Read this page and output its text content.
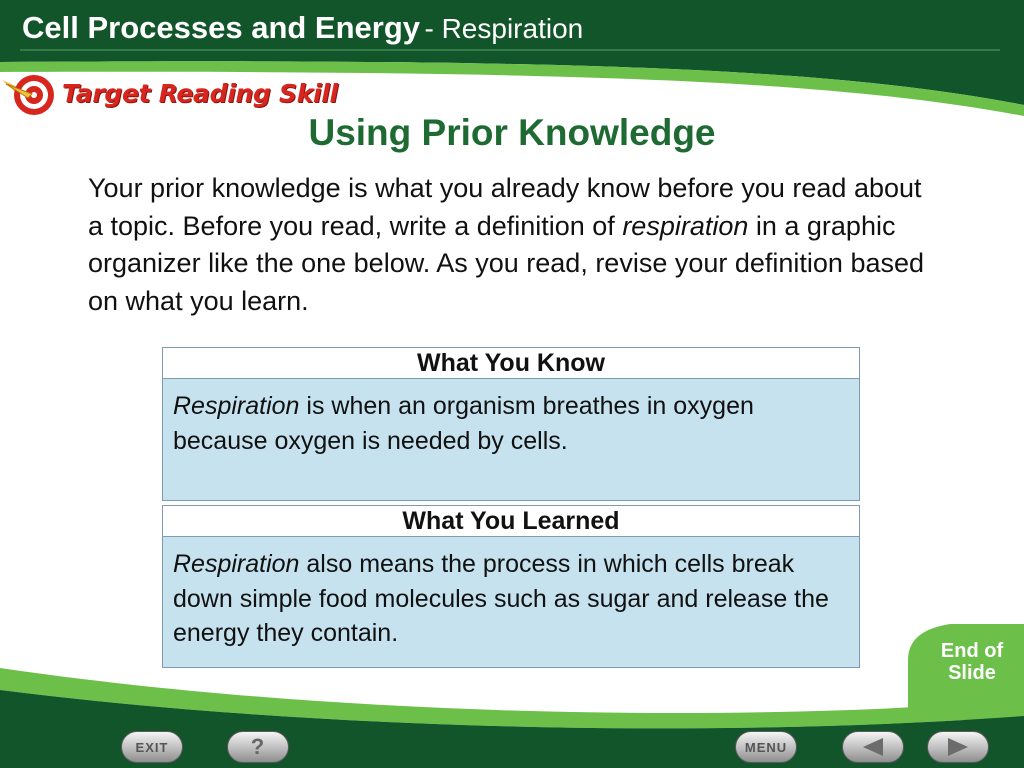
Cell Processes and Energy - Respiration
Target Reading Skill
Using Prior Knowledge
Your prior knowledge is what you already know before you read about a topic. Before you read, write a definition of respiration in a graphic organizer like the one below. As you read, revise your definition based on what you learn.
What You Know
Respiration is when an organism breathes in oxygen because oxygen is needed by cells.
What You Learned
Respiration also means the process in which cells break down simple food molecules such as sugar and release the energy they contain.
End of
Slide
EXIT	?	MENU
